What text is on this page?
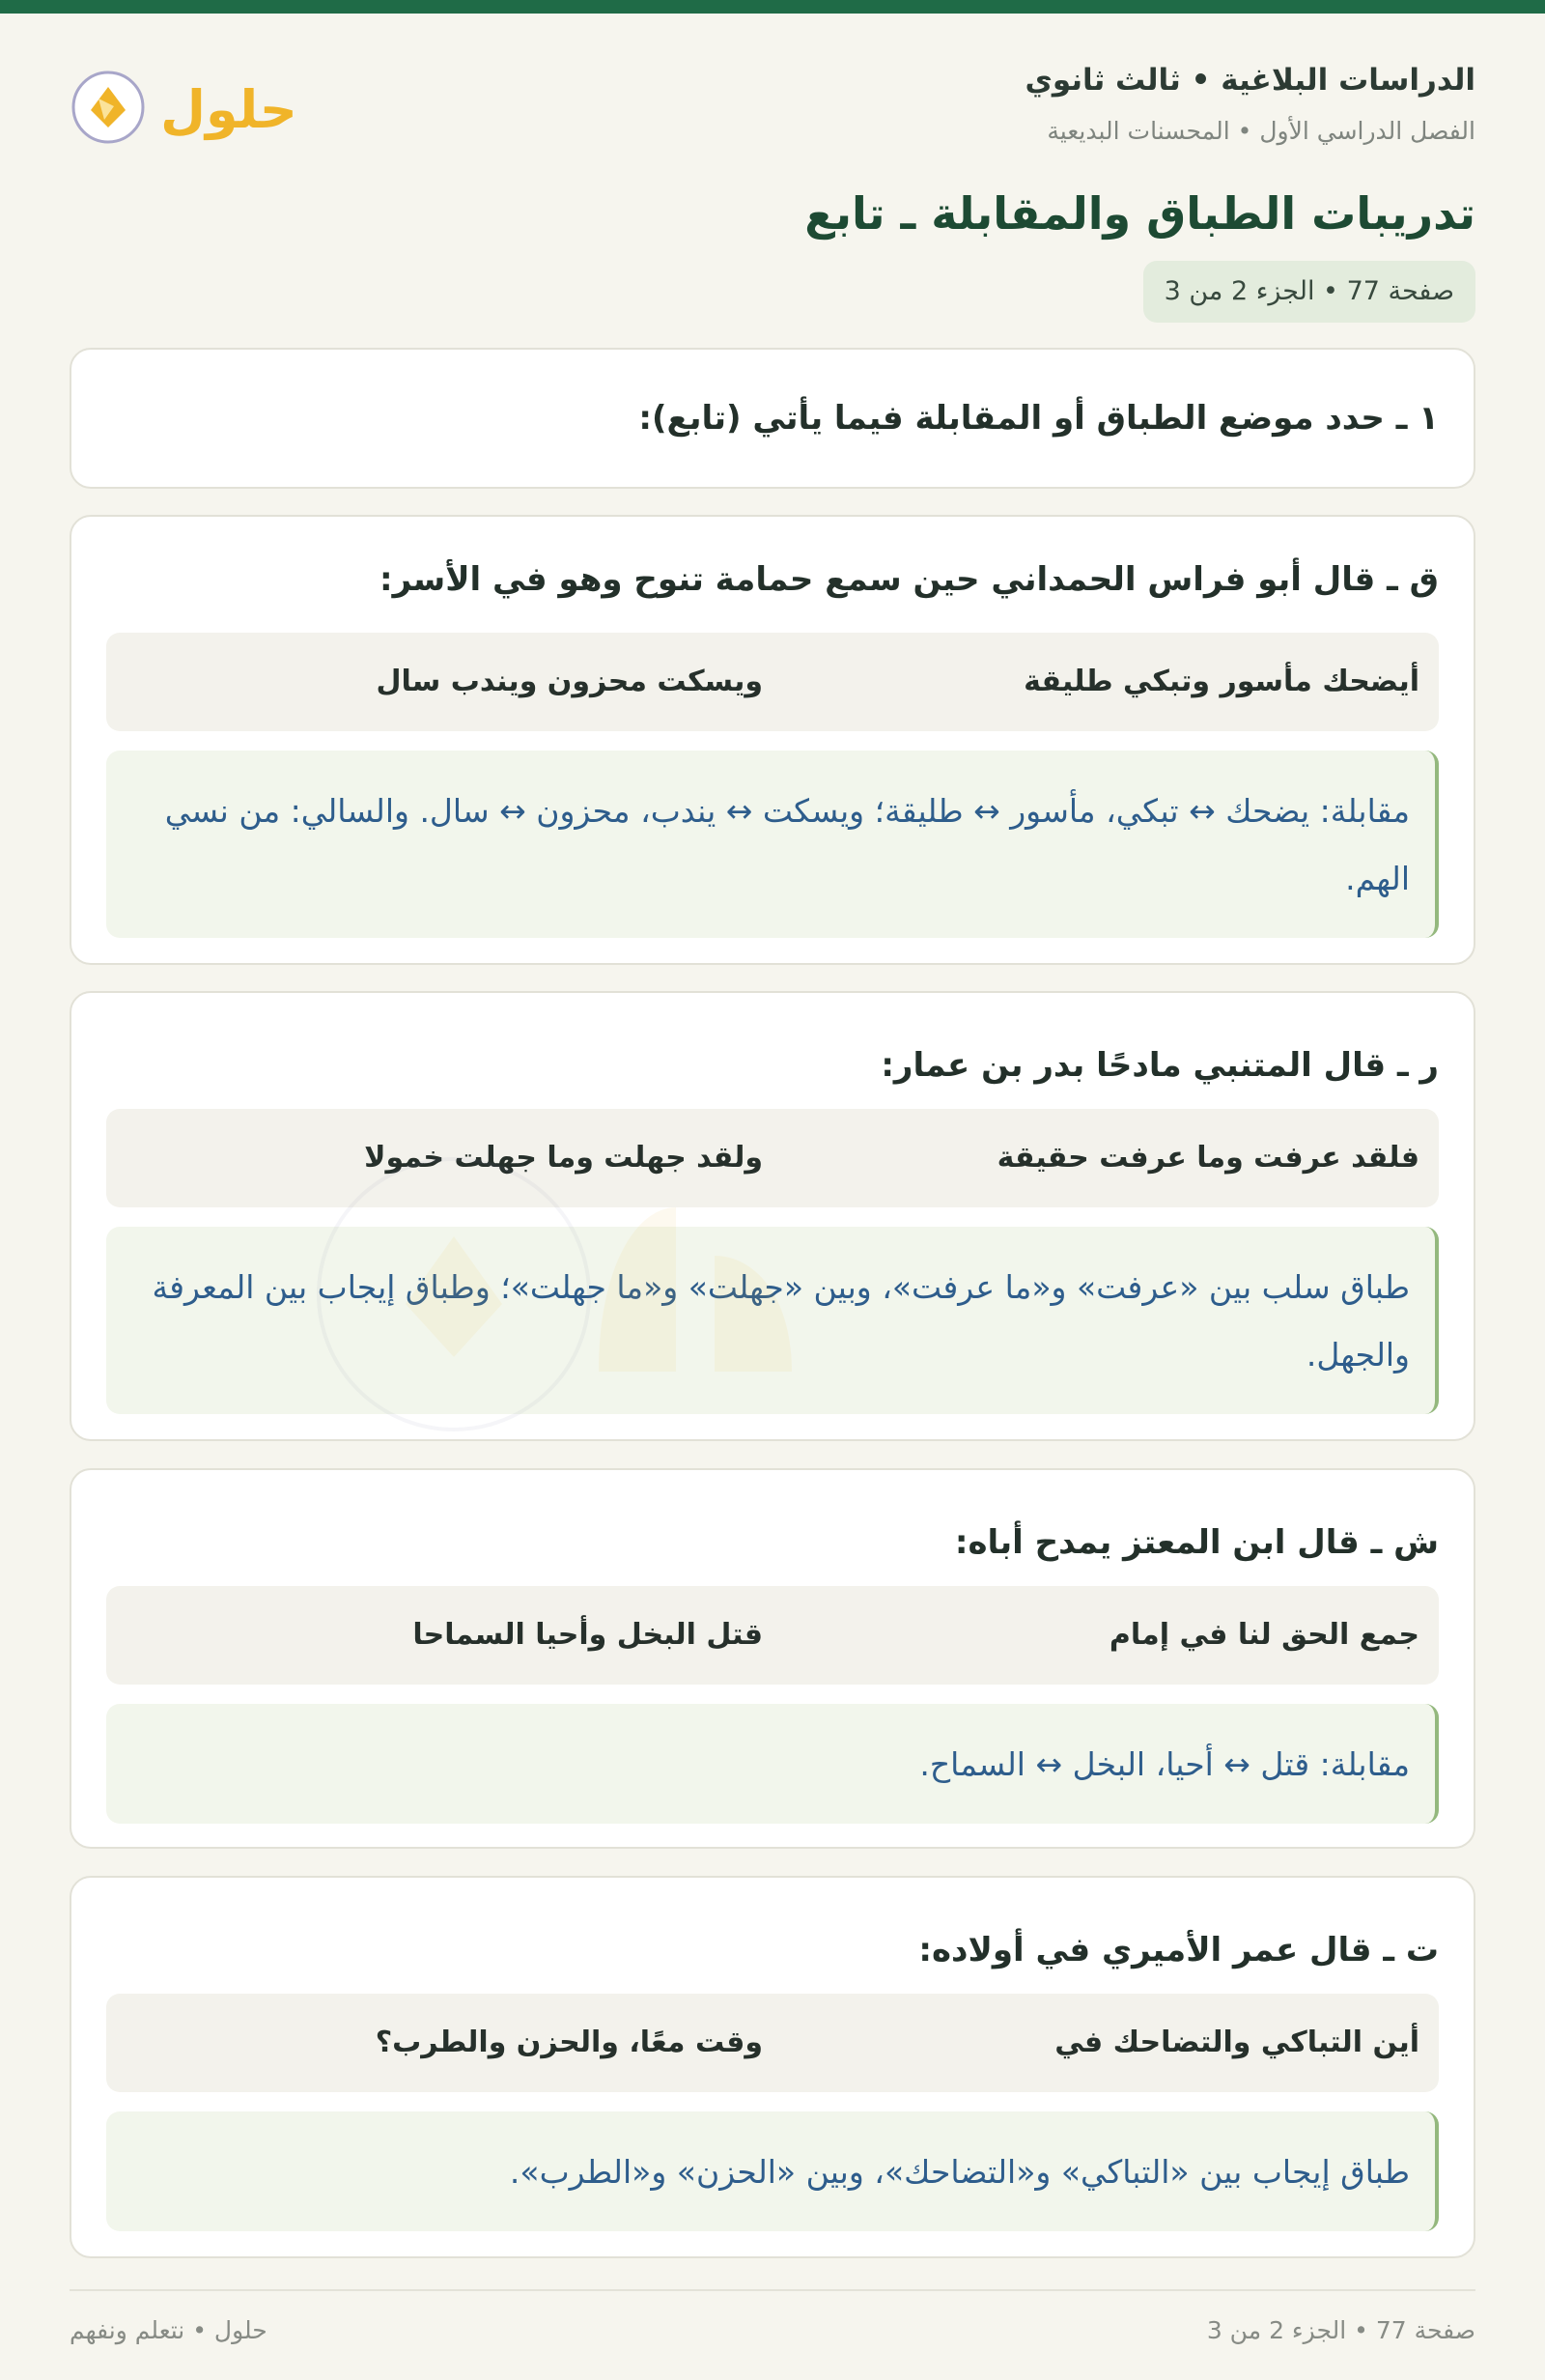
الدراسات البلاغية • ثالث ثانوي
الفصل الدراسي الأول • المحسنات البديعية
حلول
تدريبات الطباق والمقابلة ـ تابع
صفحة 77 • الجزء 2 من 3
١ ـ حدد موضع الطباق أو المقابلة فيما يأتي (تابع):
ق ـ قال أبو فراس الحمداني حين سمع حمامة تنوح وهو في الأسر:
أيضحك مأسور وتبكي طليقة
ويسكت محزون ويندب سال
مقابلة: يضحك ↔ تبكي، مأسور ↔ طليقة؛ ويسكت ↔ يندب، محزون ↔ سال. والسالي: من نسي الهم.
ر ـ قال المتنبي مادحًا بدر بن عمار:
فلقد عرفت وما عرفت حقيقة
ولقد جهلت وما جهلت خمولا
طباق سلب بين «عرفت» و«ما عرفت»، وبين «جهلت» و«ما جهلت»؛ وطباق إيجاب بين المعرفة والجهل.
ش ـ قال ابن المعتز يمدح أباه:
جمع الحق لنا في إمام
قتل البخل وأحيا السماحا
مقابلة: قتل ↔ أحيا، البخل ↔ السماح.
ت ـ قال عمر الأميري في أولاده:
أين التباكي والتضاحك في
وقت معًا، والحزن والطرب؟
طباق إيجاب بين «التباكي» و«التضاحك»، وبين «الحزن» و«الطرب».
صفحة 77 • الجزء 2 من 3
حلول • نتعلم ونفهم
